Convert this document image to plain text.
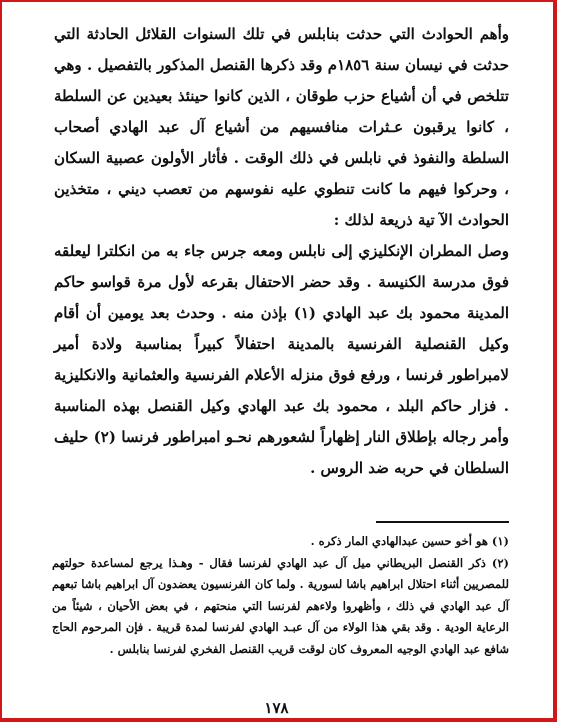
وأهم الحوادث التي حدثت بنابلس في تلك السنوات القلائل الحادثة التي حدثت في نيسان سنة ١٨٥٦م وقد ذكرها القنصل المذكور بالتفصيل . وهي تتلخص في أن أشياع حزب طوقان ، الذين كانوا حينئذ بعيدين عن السلطة ، كانوا يرقبون عـثرات منافسيهم من أشياع آل عبد الهادي أصحاب السلطة والنفوذ في نابلس في ذلك الوقت . فأثار الأولون عصبية السكان ، وحركوا فيهم ما كانت تنطوي عليه نفوسهم من تعصب ديني ، متخذين الحوادث الآ تية ذريعة لذلك :

وصل المطران الإنكليزي إلى نابلس ومعه جرس جاء به من انكلترا ليعلقه فوق مدرسة الكنيسة . وقد حضر الاحتفال بقرعه لأول مرة قواسو حاكم المدينة محمود بك عبد الهادي (١) بإذن منه . وحدث بعد يومين أن أقام وكيل القنصلية الفرنسية بالمدينة احتفالاً كبيراً بمناسبة ولادة أمير لامبراطور فرنسا ، ورفع فوق منزله الأعلام الفرنسية والعثمانية والانكليزية . فزار حاكم البلد ، محمود بك عبد الهادي وكيل القنصل بهذه المناسبة وأمر رجاله بإطلاق النار إظهاراً لشعورهم نحـو امبراطور فرنسا (٢) حليف السلطان في حربه ضد الروس .

(١) هو أخو حسين عبدالهادي المار ذكره .

(٢) ذكر القنصل البريطاني ميل آل عبد الهادي لفرنسا فقال - وهـذا يرجع لمساعدة حولتهم للمصريين أثناء احتلال ابراهيم باشا لسورية . ولما كان الفرنسيون يعضدون آل ابراهيم باشا تبعهم آل عبد الهادي في ذلك ، وأظهروا ولاءهم لفرنسا التي منحتهم ، في بعض الأحيان ، شيئاً من الرعاية الودية . وقد بقي هذا الولاء من آل عبـد الهادي لفرنسا لمدة قريبة . فإن المرحوم الحاج شافع عبد الهادي الوجيه المعروف كان لوقت قريب القنصل الفخري لفرنسا بنابلس .

١٧٨
